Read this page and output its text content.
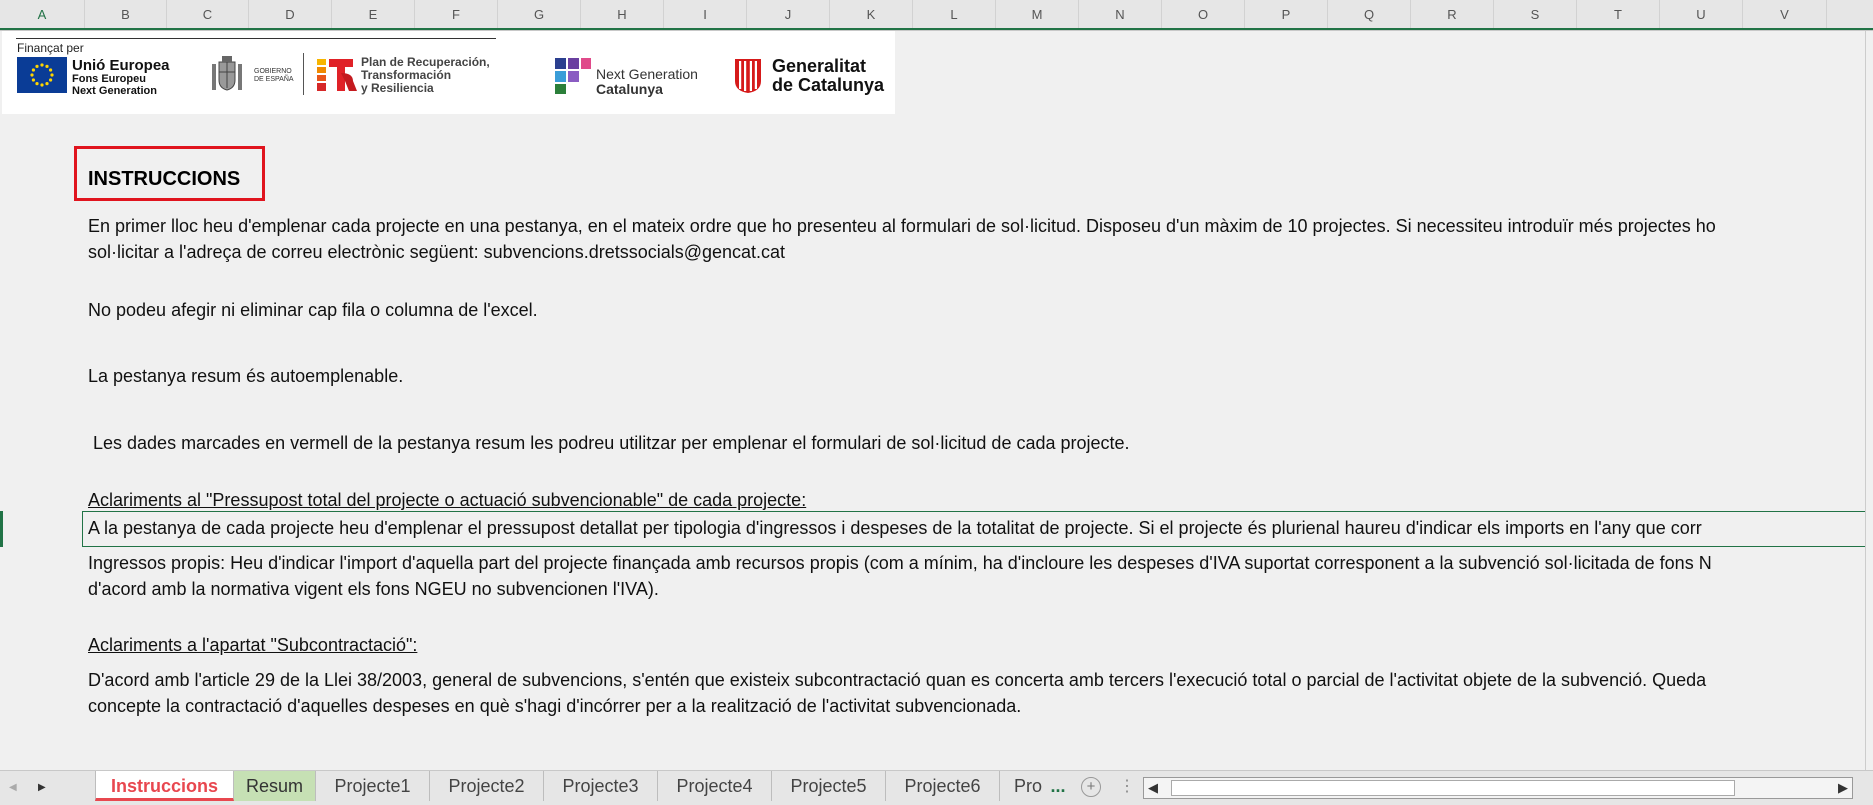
A	B	C	D	E	F	G	H	I	J	K	L	M	N	O	P	Q	R	S	T	U	V
Finançat per
Unió Europea
Fons Europeu
Next Generation
GOBIERNO
DE ESPAÑA
Plan de Recuperación,
Transformación
y Resiliencia
Next Generation
Catalunya
Generalitat
de Catalunya
INSTRUCCIONS
En primer lloc heu d'emplenar cada projecte en una pestanya, en el mateix ordre que ho presenteu al formulari de sol·licitud. Disposeu d'un màxim de 10 projectes. Si necessiteu introduïr més projectes ho
sol·licitar a l'adreça de correu electrònic següent: subvencions.dretssocials@gencat.cat
No podeu afegir ni eliminar cap fila o columna de l'excel.
La pestanya resum és autoemplenable.
Les dades marcades en vermell de la pestanya resum les podreu utilitzar per emplenar el formulari de sol·licitud de cada projecte.
Aclariments al "Pressupost total del projecte o actuació subvencionable" de cada projecte:
A la pestanya de cada projecte heu d'emplenar el pressupost detallat per tipologia d'ingressos i despeses de la totalitat de projecte. Si el projecte és plurienal haureu d'indicar els imports en l'any que corr
Ingressos propis: Heu d'indicar l'import d'aquella part del projecte finançada amb recursos propis (com a mínim, ha d'incloure les despeses d'IVA suportat corresponent a la subvenció sol·licitada de fons N
d'acord amb la normativa vigent els fons NGEU no subvencionen l'IVA).
Aclariments a l'apartat "Subcontractació":
D'acord amb l'article 29 de la Llei 38/2003, general de subvencions, s'entén que existeix subcontractació quan es concerta amb tercers l'execució total o parcial de l'activitat objete de la subvenció. Queda
concepte la contractació d'aquelles despeses en què s'hagi d'incórrer per a la realització de l'activitat subvencionada.
◀ ▶	Instruccions	Resum	Projecte1	Projecte2	Projecte3	Projecte4	Projecte5	Projecte6	Pro ...	+	⋮ ◀	▶
